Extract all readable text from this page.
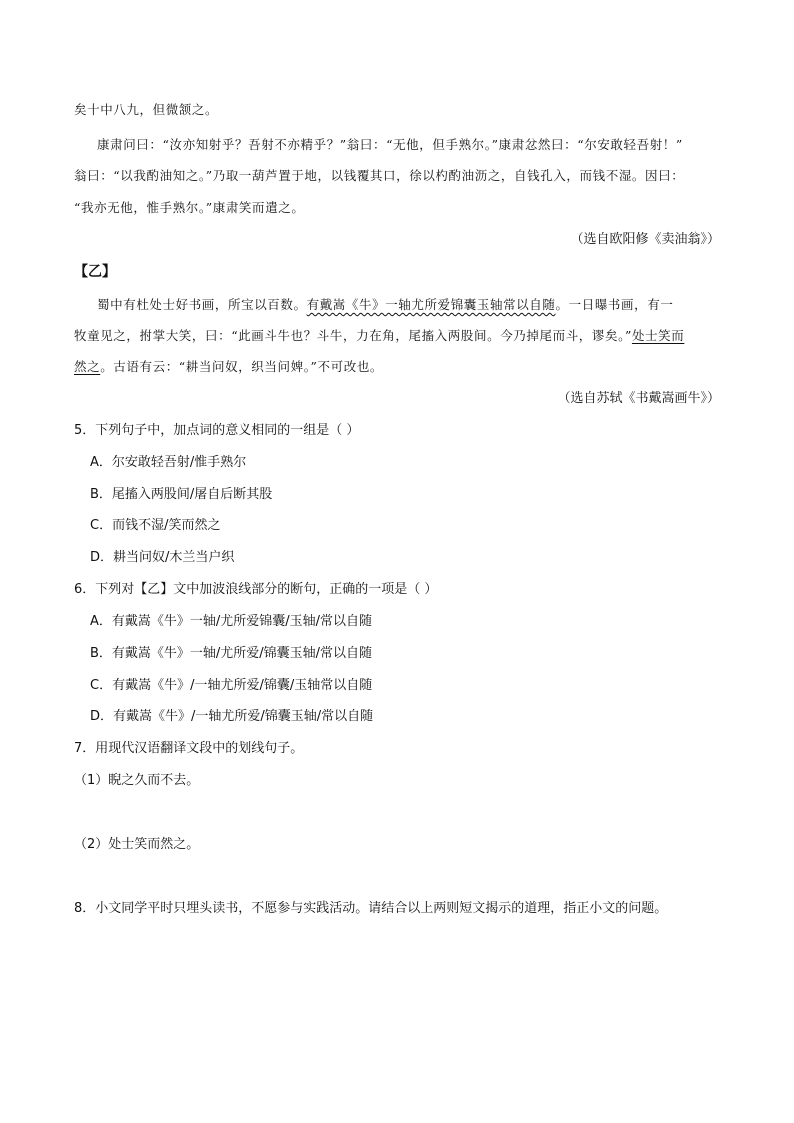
矣十中八九，但微颔之。
康肃问曰：“汝亦知射乎？吾射不亦精乎？”翁曰：“无他，但手熟尔。”康肃忿然曰：“尔安敢轻吾射！”
翁曰：“以我酌油知之。”乃取一葫芦置于地，以钱覆其口，徐以杓酌油沥之，自钱孔入，而钱不湿。因曰：
“我亦无他，惟手熟尔。”康肃笑而遣之。
（选自欧阳修《卖油翁》）
【乙】
蜀中有杜处士好书画，所宝以百数。有戴嵩《牛》一轴尤所爱锦囊玉轴常以自随。一日曝书画，有一
牧童见之，拊掌大笑，曰：“此画斗牛也？斗牛，力在角，尾搐入两股间。今乃掉尾而斗，谬矣。”处士笑而
然之。古语有云：“耕当问奴，织当问婢。”不可改也。
（选自苏轼《书戴嵩画牛》）
5．下列句子中，加点词的意义相同的一组是（ ）
A．尔安敢轻吾射/惟手熟尔
B．尾搐入两股间/屠自后断其股
C．而钱不湿/笑而然之
D．耕当问奴/木兰当户织
6．下列对【乙】文中加波浪线部分的断句，正确的一项是（ ）
A．有戴嵩《牛》一轴/尤所爱锦囊/玉轴/常以自随
B．有戴嵩《牛》一轴/尤所爱/锦囊玉轴/常以自随
C．有戴嵩《牛》/一轴尤所爱/锦囊/玉轴常以自随
D．有戴嵩《牛》/一轴尤所爱/锦囊玉轴/常以自随
7．用现代汉语翻译文段中的划线句子。
（1）睨之久而不去。
（2）处士笑而然之。
8．小文同学平时只埋头读书，不愿参与实践活动。请结合以上两则短文揭示的道理，指正小文的问题。
